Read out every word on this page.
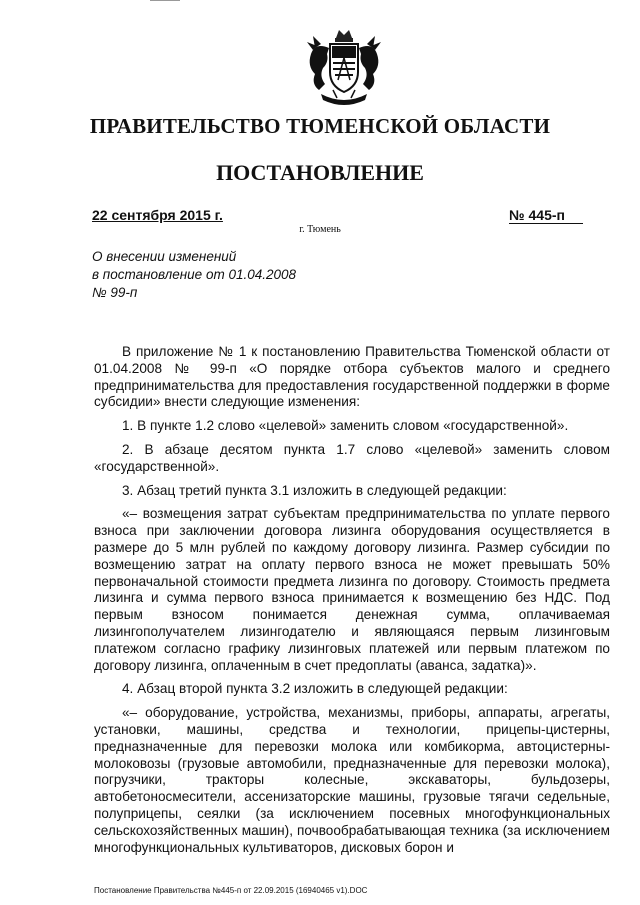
ПРАВИТЕЛЬСТВО ТЮМЕНСКОЙ ОБЛАСТИ
ПОСТАНОВЛЕНИЕ
22 сентября 2015 г.	№ 445-п
г. Тюмень
О внесении изменений
в постановление от 01.04.2008
№ 99-п

В приложение № 1 к постановлению Правительства Тюменской области от 01.04.2008 № 99-п «О порядке отбора субъектов малого и среднего предпринимательства для предоставления государственной поддержки в форме субсидии» внести следующие изменения:

1. В пункте 1.2 слово «целевой» заменить словом «государственной».

2. В абзаце десятом пункта 1.7 слово «целевой» заменить словом «государственной».

3. Абзац третий пункта 3.1 изложить в следующей редакции:

«– возмещения затрат субъектам предпринимательства по уплате первого взноса при заключении договора лизинга оборудования осуществляется в размере до 5 млн рублей по каждому договору лизинга. Размер субсидии по возмещению затрат на оплату первого взноса не может превышать 50% первоначальной стоимости предмета лизинга по договору. Стоимость предмета лизинга и сумма первого взноса принимается к возмещению без НДС. Под первым взносом понимается денежная сумма, оплачиваемая лизингополучателем лизингодателю и являющаяся первым лизинговым платежом согласно графику лизинговых платежей или первым платежом по договору лизинга, оплаченным в счет предоплаты (аванса, задатка)».

4. Абзац второй пункта 3.2 изложить в следующей редакции:

«– оборудование, устройства, механизмы, приборы, аппараты, агрегаты, установки, машины, средства и технологии, прицепы-цистерны, предназначенные для перевозки молока или комбикорма, автоцистерны-молоковозы (грузовые автомобили, предназначенные для перевозки молока), погрузчики, тракторы колесные, экскаваторы, бульдозеры, автобетоносмесители, ассенизаторские машины, грузовые тягачи седельные, полуприцепы, сеялки (за исключением посевных многофункциональных сельскохозяйственных машин), почвообрабатывающая техника (за исключением многофункциональных культиваторов, дисковых борон и

Постановление Правительства №445-п от 22.09.2015 (16940465 v1).DOC
